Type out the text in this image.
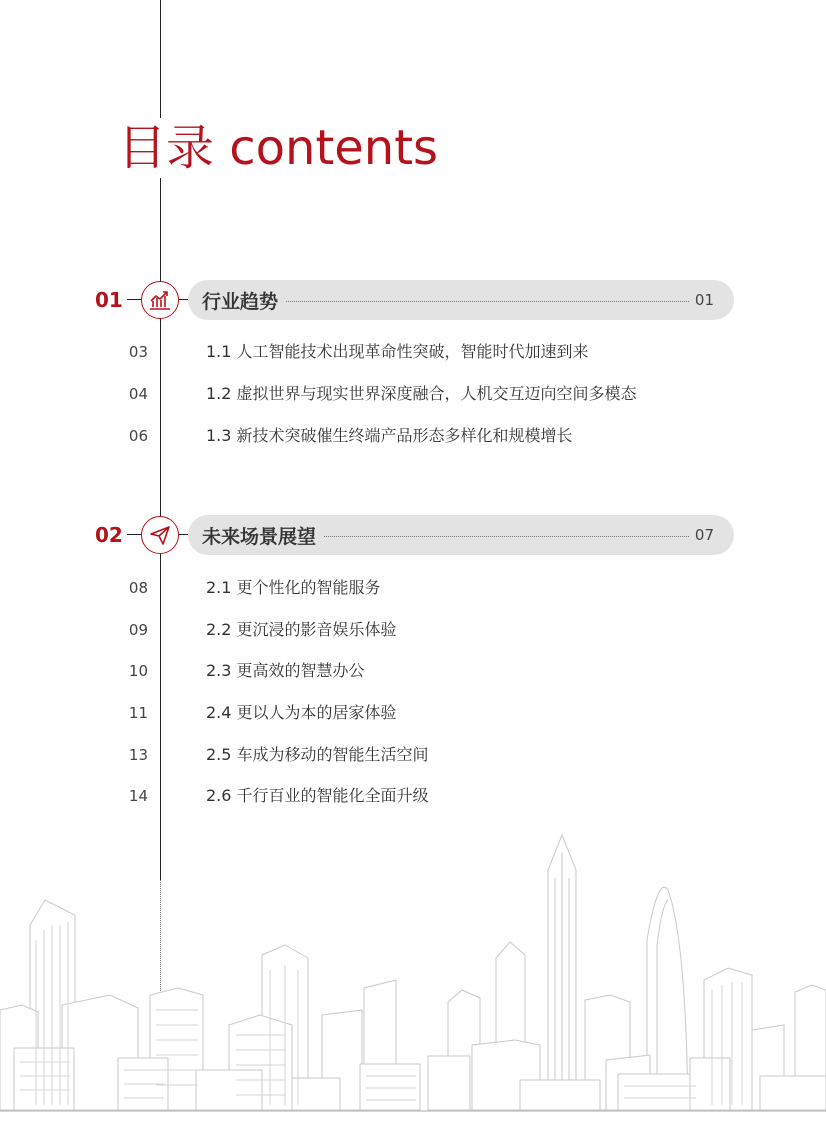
目录 contents
01	行业趋势	01
03	1.1 人工智能技术出现革命性突破，智能时代加速到来
04	1.2 虚拟世界与现实世界深度融合，人机交互迈向空间多模态
06	1.3 新技术突破催生终端产品形态多样化和规模增长
02	未来场景展望	07
08	2.1 更个性化的智能服务
09	2.2 更沉浸的影音娱乐体验
10	2.3 更高效的智慧办公
11	2.4 更以人为本的居家体验
13	2.5 车成为移动的智能生活空间
14	2.6 千行百业的智能化全面升级
